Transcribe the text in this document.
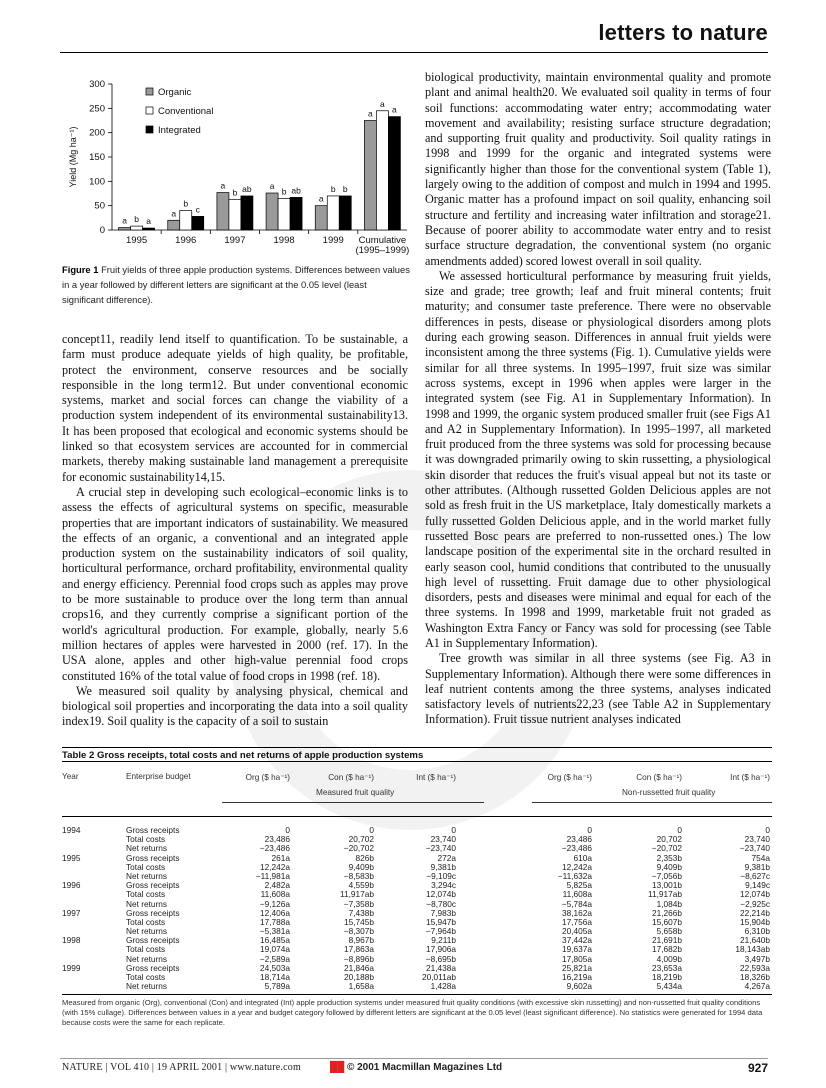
letters to nature
0
50
100
150
200
250
300
Yield (Mg ha⁻¹)
a b a
1995
a
b
c
1996
a
b ab
1997
a
b ab
1998
a
b b
1999
a
a
a
Cumulative
(1995–1999)
Organic
Conventional
Integrated
Figure 1 Fruit yields of three apple production systems. Differences between values in a year followed by different letters are significant at the 0.05 level (least significant difference).

concept11, readily lend itself to quantification. To be sustainable, a farm must produce adequate yields of high quality, be profitable, protect the environment, conserve resources and be socially responsible in the long term12. But under conventional economic systems, market and social forces can change the viability of a production system independent of its environmental sustainability13. It has been proposed that ecological and economic systems should be linked so that ecosystem services are accounted for in commercial markets, thereby making sustainable land management a prerequisite for economic sustainability14,15.

A crucial step in developing such ecological–economic links is to assess the effects of agricultural systems on specific, measurable properties that are important indicators of sustainability. We measured the effects of an organic, a conventional and an integrated apple production system on the sustainability indicators of soil quality, horticultural performance, orchard profitability, environmental quality and energy efficiency. Perennial food crops such as apples may prove to be more sustainable to produce over the long term than annual crops16, and they currently comprise a significant portion of the world's agricultural production. For example, globally, nearly 5.6 million hectares of apples were harvested in 2000 (ref. 17). In the USA alone, apples and other high-value perennial food crops constituted 16% of the total value of food crops in 1998 (ref. 18).

We measured soil quality by analysing physical, chemical and biological soil properties and incorporating the data into a soil quality index19. Soil quality is the capacity of a soil to sustain

biological productivity, maintain environmental quality and promote plant and animal health20. We evaluated soil quality in terms of four soil functions: accommodating water entry; accommodating water movement and availability; resisting surface structure degradation; and supporting fruit quality and productivity. Soil quality ratings in 1998 and 1999 for the organic and integrated systems were significantly higher than those for the conventional system (Table 1), largely owing to the addition of compost and mulch in 1994 and 1995. Organic matter has a profound impact on soil quality, enhancing soil structure and fertility and increasing water infiltration and storage21. Because of poorer ability to accommodate water entry and to resist surface structure degradation, the conventional system (no organic amendments added) scored lowest overall in soil quality.

We assessed horticultural performance by measuring fruit yields, size and grade; tree growth; leaf and fruit mineral contents; fruit maturity; and consumer taste preference. There were no observable differences in pests, disease or physiological disorders among plots during each growing season. Differences in annual fruit yields were inconsistent among the three systems (Fig. 1). Cumulative yields were similar for all three systems. In 1995–1997, fruit size was similar across systems, except in 1996 when apples were larger in the integrated system (see Fig. A1 in Supplementary Information). In 1998 and 1999, the organic system produced smaller fruit (see Figs A1 and A2 in Supplementary Information). In 1995–1997, all marketed fruit produced from the three systems was sold for processing because it was downgraded primarily owing to skin russetting, a physiological skin disorder that reduces the fruit's visual appeal but not its taste or other attributes. (Although russetted Golden Delicious apples are not sold as fresh fruit in the US marketplace, Italy domestically markets a fully russetted Golden Delicious apple, and in the world market fully russetted Bosc pears are preferred to non-russetted ones.) The low landscape position of the experimental site in the orchard resulted in early season cool, humid conditions that contributed to the unusually high level of russetting. Fruit damage due to other physiological disorders, pests and diseases were minimal and equal for each of the three systems. In 1998 and 1999, marketable fruit not graded as Washington Extra Fancy or Fancy was sold for processing (see Table A1 in Supplementary Information).

Tree growth was similar in all three systems (see Fig. A3 in Supplementary Information). Although there were some differences in leaf nutrient contents among the three systems, analyses indicated satisfactory levels of nutrients22,23 (see Table A2 in Supplementary Information). Fruit tissue nutrient analyses indicated

Table 2 Gross receipts, total costs and net returns of apple production systems
Year	Enterprise budget	Org ($ ha⁻¹)	Con ($ ha⁻¹)	Int ($ ha⁻¹)	Org ($ ha⁻¹)	Con ($ ha⁻¹)	Int ($ ha⁻¹)
Measured fruit quality	Non-russetted fruit quality
1994	Gross receipts	0	0	0	0	0	0
Total costs	23,486	20,702	23,740	23,486	20,702	23,740
Net returns	−23,486	−20,702	−23,740	−23,486	−20,702	−23,740
1995	Gross receipts	261a	826b	272a	610a	2,353b	754a
Total costs	12,242a	9,409b	9,381b	12,242a	9,409b	9,381b
Net returns	−11,981a	−8,583b	−9,109c	−11,632a	−7,056b	−8,627c
1996	Gross receipts	2,482a	4,559b	3,294c	5,825a	13,001b	9,149c
Total costs	11,608a	11,917ab	12,074b	11,608a	11,917ab	12,074b
Net returns	−9,126a	−7,358b	−8,780c	−5,784a	1,084b	−2,925c
1997	Gross receipts	12,406a	7,438b	7,983b	38,162a	21,266b	22,214b
Total costs	17,788a	15,745b	15,947b	17,756a	15,607b	15,904b
Net returns	−5,381a	−8,307b	−7,964b	20,405a	5,658b	6,310b
1998	Gross receipts	16,485a	8,967b	9,211b	37,442a	21,691b	21,640b
Total costs	19,074a	17,863a	17,906a	19,637a	17,682b	18,143ab
Net returns	−2,589a	−8,896b	−8,695b	17,805a	4,009b	3,497b
1999	Gross receipts	24,503a	21,846a	21,438a	25,821a	23,653a	22,593a
Total costs	18,714a	20,188b	20,011ab	16,219a	18,219b	18,326b
Net returns	5,789a	1,658a	1,428a	9,602a	5,434a	4,267a
Measured from organic (Org), conventional (Con) and integrated (Int) apple production systems under measured fruit quality conditions (with excessive skin russetting) and non-russetted fruit quality conditions (with 15% cullage). Differences between values in a year and budget category followed by different letters are significant at the 0.05 level (least significant difference). No statistics were generated for 1994 data because costs were the same for each replicate.
NATURE | VOL 410 | 19 APRIL 2001 | www.nature.com	██ © 2001 Macmillan Magazines Ltd	927
